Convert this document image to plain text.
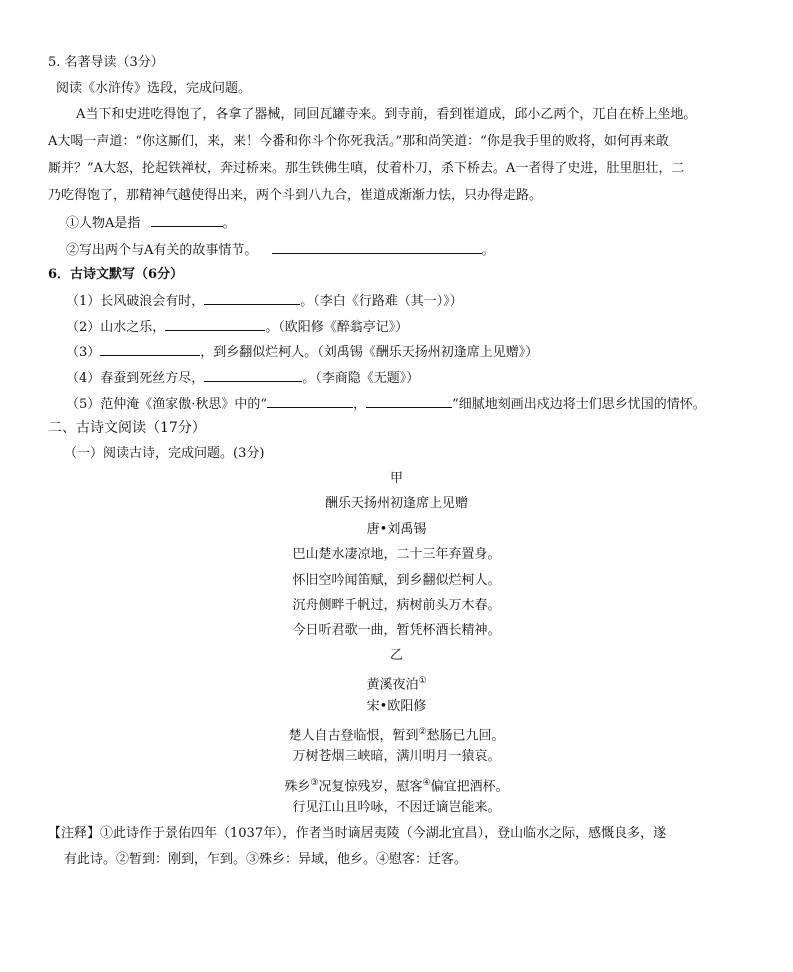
5. 名著导读（3分）
阅读《水浒传》选段，完成问题。
A当下和史进吃得饱了，各拿了器械，同回瓦罐寺来。到寺前，看到崔道成，邱小乙两个，兀自在桥上坐地。
A大喝一声道：“你这厮们，来，来！今番和你斗个你死我活。”那和尚笑道：“你是我手里的败将，如何再来敢
厮并？”A大怒，抡起铁禅杖，奔过桥来。那生铁佛生嗔，仗着朴刀，杀下桥去。A一者得了史进，肚里胆壮，二
乃吃得饱了，那精神气越使得出来，两个斗到八九合，崔道成渐渐力怯，只办得走路。
①人物A是指	。
②写出两个与A有关的故事情节。	。
6．古诗文默写（6分）
（1）长风破浪会有时，	。（李白《行路难（其一）》）
（2）山水之乐，	。（欧阳修《醉翁亭记》）
（3）	，到乡翻似烂柯人。（刘禹锡《酬乐天扬州初逢席上见赠》）
（4）春蚕到死丝方尽，	。（李商隐《无题》）
（5）范仲淹《渔家傲·秋思》中的“	，	”细腻地刻画出戍边将士们思乡忧国的情怀。
二、古诗文阅读（17分）
（一）阅读古诗，完成问题。(3分)
甲
酬乐天扬州初逢席上见赠
唐•刘禹锡
巴山楚水凄凉地，二十三年弃置身。
怀旧空吟闻笛赋，到乡翻似烂柯人。
沉舟侧畔千帆过，病树前头万木春。
今日听君歌一曲，暂凭杯酒长精神。
乙
黄溪夜泊①
宋•欧阳修
楚人自古登临恨，暂到②愁肠已九回。
万树苍烟三峡暗，满川明月一猿哀。
殊乡③况复惊残岁，慰客④偏宜把酒杯。
行见江山且吟咏，不因迁谪岂能来。
【注释】①此诗作于景佑四年（1037年），作者当时谪居夷陵（今湖北宜昌），登山临水之际，感慨良多，遂
有此诗。②暂到：刚到，乍到。③殊乡：异域，他乡。④慰客：迁客。
